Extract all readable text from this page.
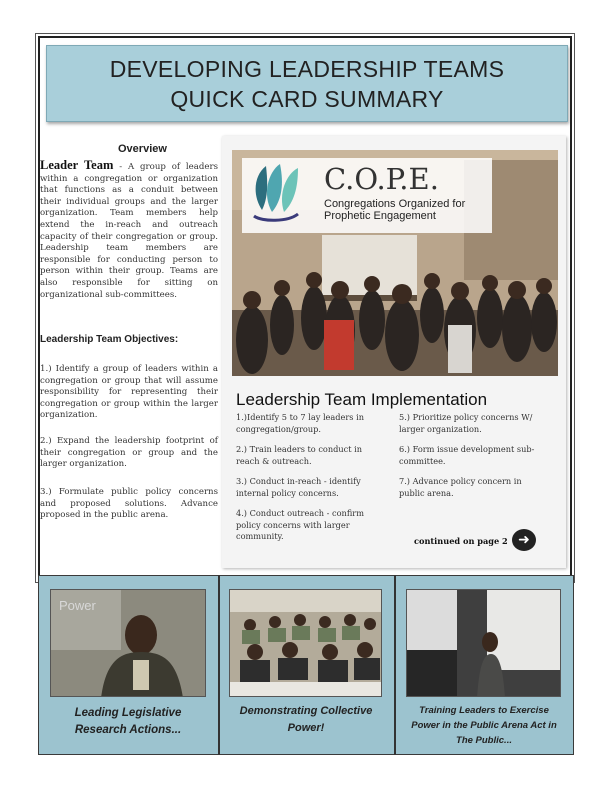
DEVELOPING LEADERSHIP TEAMS
QUICK CARD SUMMARY
Overview
Leader Team - A group of leaders within a congregation or organization that functions as a conduit between their individual groups and the larger organization. Team members help extend the in-reach and outreach capacity of their congregation or group. Leadership team members are responsible for conducting person to person within their group. Teams are also responsible for sitting on organizational sub-committees.
Leadership Team Objectives:
1.) Identify a group of leaders within a congregation or group that will assume responsibility for representing their congregation or group within the larger organization.
2.) Expand the leadership footprint of their congregation or group and the larger organization.
3.) Formulate public policy concerns and proposed solutions. Advance proposed in the public arena.
C.O.P.E.
Congregations Organized for
Prophetic Engagement
Leadership Team Implementation

1.)Identify 5 to 7 lay leaders in congregation/group.

2.) Train leaders to conduct in reach & outreach.

3.) Conduct in-reach - identify internal policy concerns.

4.) Conduct outreach - confirm policy concerns with larger community.

5.) Prioritize policy concerns W/ larger organization.

6.) Form issue development sub-committee.

7.) Advance policy concern in public arena.

continued on page 2 ➜
Power
Leading Legislative
Research Actions...
Demonstrating Collective
Power!
Training Leaders to Exercise
Power in the Public Arena Act in
The Public...
